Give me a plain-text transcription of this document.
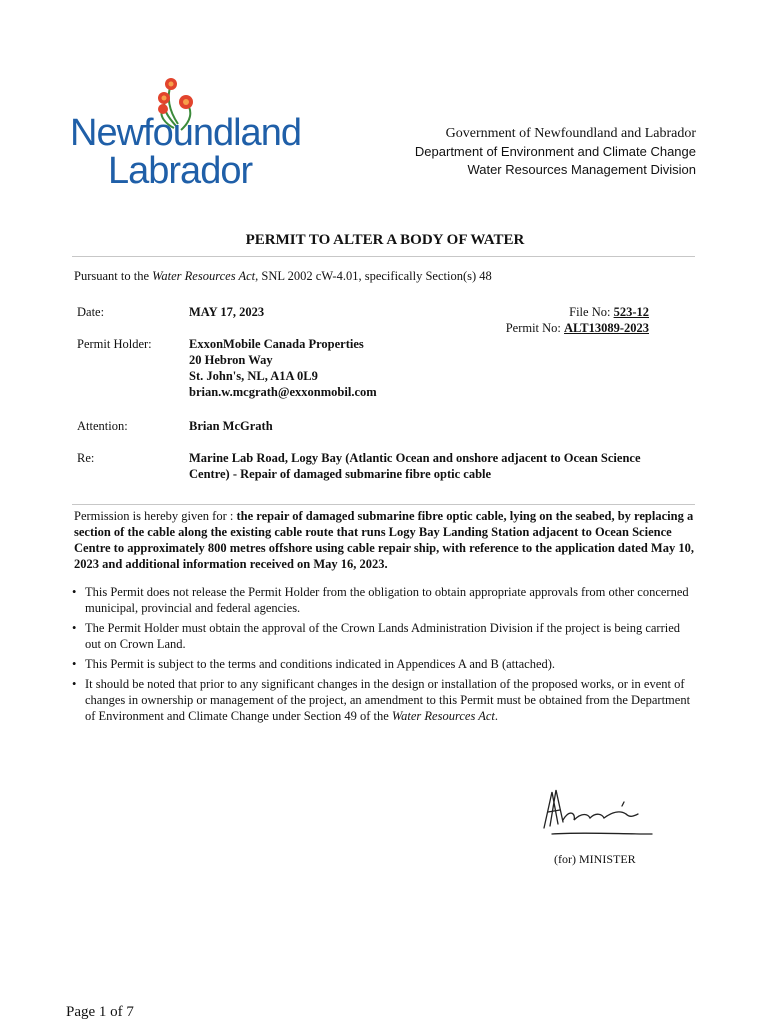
Newfoundland
Labrador
Government of Newfoundland and Labrador
Department of Environment and Climate Change
Water Resources Management Division
PERMIT TO ALTER A BODY OF WATER
Pursuant to the Water Resources Act, SNL 2002 cW-4.01, specifically Section(s) 48
Date:	MAY 17, 2023	File No: 523-12
Permit No: ALT13089-2023
Permit Holder:	ExxonMobile Canada Properties
20 Hebron Way
St. John's, NL, A1A 0L9
brian.w.mcgrath@exxonmobil.com
Attention:	Brian McGrath
Re:	Marine Lab Road, Logy Bay (Atlantic Ocean and onshore adjacent to Ocean Science
Centre) - Repair of damaged submarine fibre optic cable
Permission is hereby given for : the repair of damaged submarine fibre optic cable, lying on the seabed, by replacing a section of the cable along the existing cable route that runs Logy Bay Landing Station adjacent to Ocean Science Centre to approximately 800 metres offshore using cable repair ship, with reference to the application dated May 10, 2023 and additional information received on May 16, 2023.
• This Permit does not release the Permit Holder from the obligation to obtain appropriate approvals from other concerned municipal, provincial and federal agencies.
• The Permit Holder must obtain the approval of the Crown Lands Administration Division if the project is being carried out on Crown Land.
• This Permit is subject to the terms and conditions indicated in Appendices A and B (attached).
• It should be noted that prior to any significant changes in the design or installation of the proposed works, or in event of changes in ownership or management of the project, an amendment to this Permit must be obtained from the Department of Environment and Climate Change under Section 49 of the Water Resources Act.
(for) MINISTER
Page 1 of 7
